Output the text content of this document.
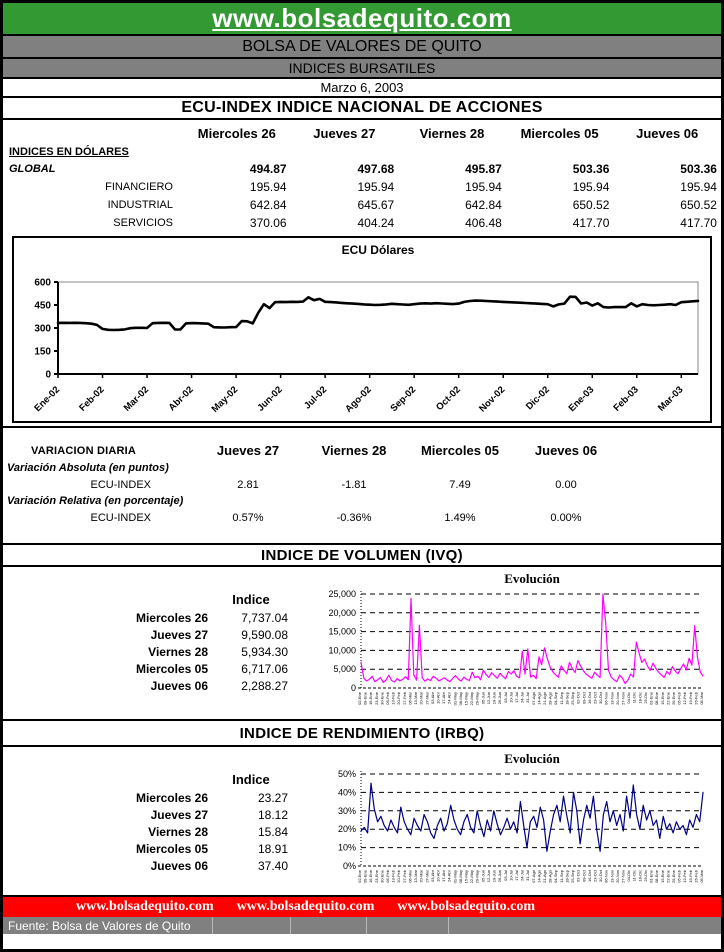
www.bolsadequito.com
BOLSA DE VALORES DE QUITO
INDICES BURSATILES
Marzo 6, 2003
ECU-INDEX INDICE NACIONAL DE ACCIONES
Miercoles 26	Jueves 27	Viernes 28	Miercoles 05	Jueves 06
INDICES EN DÓLARES
GLOBAL	494.87	497.68	495.87	503.36	503.36
FINANCIERO	195.94	195.94	195.94	195.94	195.94
INDUSTRIAL	642.84	645.67	642.84	650.52	650.52
SERVICIOS	370.06	404.24	406.48	417.70	417.70
0
150
300
450
600
ECU Dólares
Ene-02 Feb-02 Mar-02 Abr-02 May-02 Jun-02 Jul-02 Ago-02 Sep-02 Oct-02 Nov-02 Dic-02 Ene-03 Feb-03 Mar-03
VARIACION DIARIA	Jueves 27	Viernes 28	Miercoles 05	Jueves 06
Variación Absoluta (en puntos)
ECU-INDEX	2.81	-1.81	7.49	0.00
Variación Relativa (en porcentaje)
ECU-INDEX	0.57%	-0.36%	1.49%	0.00%
INDICE DE VOLUMEN (IVQ)
Indice
Miercoles 26	7,737.04
Jueves 27	9,590.08
Viernes 28	5,934.30
Miercoles 05	6,717.06
Jueves 06	2,288.27	0
5,000
10,000
15,000
20,000
25,000
Evolución
02-Ene 09-Ene 16-Ene 23-Ene 30-Ene 06-Feb 13-Feb 20-Feb 27-Feb 06-Mar 13-Mar 20-Mar 27-Mar 03-Abr 10-Abr 17-Abr 24-Abr 01-May 08-May 15-May 22-May 29-May 05-Jun 12-Jun 19-Jun 26-Jun 03-Jul 10-Jul 17-Jul 24-Jul 31-Jul 07-Ago 14-Ago 21-Ago 28-Ago 04-Sep 11-Sep 18-Sep 25-Sep 02-Oct 09-Oct 16-Oct 23-Oct 30-Oct 06-Nov 13-Nov 20-Nov 27-Nov 04-Dic 11-Dic 18-Dic 25-Dic 01-Ene 08-Ene 15-Ene 22-Ene 29-Ene 05-Feb 12-Feb 19-Feb 26-Feb 05-Mar
INDICE DE RENDIMIENTO (IRBQ)
Indice
Miercoles 26	23.27
Jueves 27	18.12
Viernes 28	15.84
Miercoles 05	18.91
Jueves 06	37.40	0%
10%
20%
30%
40%
50%
Evolución
02-Ene 09-Ene 16-Ene 23-Ene 30-Ene 06-Feb 13-Feb 20-Feb 27-Feb 06-Mar 13-Mar 20-Mar 27-Mar 03-Abr 10-Abr 17-Abr 24-Abr 01-May 08-May 15-May 22-May 29-May 05-Jun 12-Jun 19-Jun 26-Jun 03-Jul 10-Jul 17-Jul 24-Jul 31-Jul 07-Ago 14-Ago 21-Ago 28-Ago 04-Sep 11-Sep 18-Sep 25-Sep 02-Oct 09-Oct 16-Oct 23-Oct 30-Oct 06-Nov 13-Nov 20-Nov 27-Nov 04-Dic 11-Dic 18-Dic 25-Dic 01-Ene 08-Ene 15-Ene 22-Ene 29-Ene 05-Feb 12-Feb 19-Feb 26-Feb 05-Mar
www.bolsadequito.com www.bolsadequito.com www.bolsadequito.com
Fuente: Bolsa de Valores de Quito
